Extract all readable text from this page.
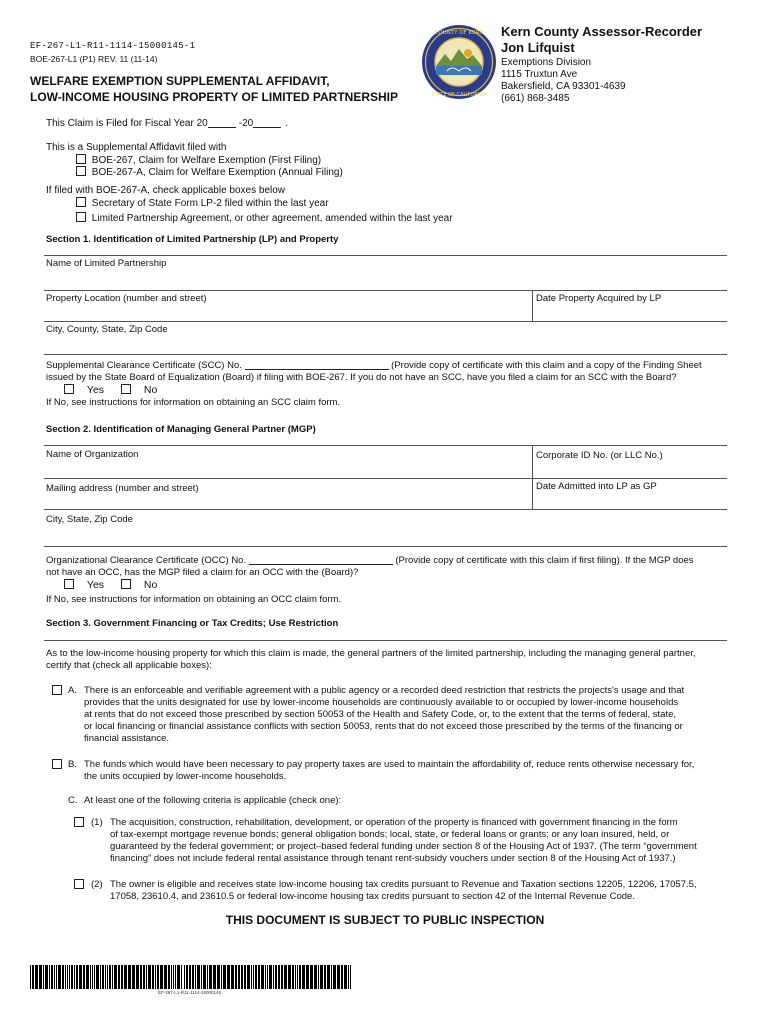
EF-267-L1-R11-1114-15000145-1
BOE-267-L1 (P1) REV. 11 (11-14)
WELFARE EXEMPTION SUPPLEMENTAL AFFIDAVIT,
LOW-INCOME HOUSING PROPERTY OF LIMITED PARTNERSHIP
COUNTY OF KERN
STATE OF CALIFORNIA
Kern County Assessor-Recorder
Jon Lifquist
Exemptions Division
1115 Truxtun Ave
Bakersfield, CA 93301-4639
(661) 868-3485
This Claim is Filed for Fiscal Year 20	-20	.
This is a Supplemental Affidavit filed with
BOE-267, Claim for Welfare Exemption (First Filing)
BOE-267-A, Claim for Welfare Exemption (Annual Filing)
If filed with BOE-267-A, check applicable boxes below
Secretary of State Form LP-2 filed within the last year
Limited Partnership Agreement, or other agreement, amended within the last year
Section 1. Identification of Limited Partnership (LP) and Property
Name of Limited Partnership
Property Location (number and street)	Date Property Acquired by LP
City, County, State, Zip Code
Supplemental Clearance Certificate (SCC) No.	(Provide copy of certificate with this claim and a copy of the Finding Sheet
issued by the State Board of Equalization (Board) if filing with BOE-267. If you do not have an SCC, have you filed a claim for an SCC with the Board?
Yes	No
If No, see instructions for information on obtaining an SCC claim form.
Section 2. Identification of Managing General Partner (MGP)
Name of Organization	Corporate ID No. (or LLC No.)
Mailing address (number and street)	Date Admitted into LP as GP
City, State, Zip Code
Organizational Clearance Certificate (OCC) No.	(Provide copy of certificate with this claim if first filing). If the MGP does
not have an OCC, has the MGP filed a claim for an OCC with the (Board)?
Yes	No
If No, see instructions for information on obtaining an OCC claim form.
Section 3. Government Financing or Tax Credits; Use Restriction
As to the low-income housing property for which this claim is made, the general partners of the limited partnership, including the managing general partner,
certify that (check all applicable boxes):
A. There is an enforceable and verifiable agreement with a public agency or a recorded deed restriction that restricts the projects's usage and that
provides that the units designated for use by lower-income households are continuously available to or occupied by lower-income households
at rents that do not exceed those prescribed by section 50053 of the Health and Safety Code, or, to the extent that the terms of federal, state,
or local financing or financial assistance conflicts with section 50053, rents that do not exceed those prescribed by the terms of the financing or
financial assistance.
B. The funds which would have been necessary to pay property taxes are used to maintain the affordability of, reduce rents otherwise necessary for,
the units occupied by lower-income households.
C. At least one of the following criteria is applicable (check one):
(1) The acquisition, construction, rehabilitation, development, or operation of the property is financed with government financing in the form
of tax-exempt mortgage revenue bonds; general obligation bonds; local, state, or federal loans or grants; or any loan insured, held, or
guaranteed by the federal government; or project–based federal funding under section 8 of the Housing Act of 1937. (The term “government
financing” does not include federal rental assistance through tenant rent-subsidy vouchers under section 8 of the Housing Act of 1937.)
(2) The owner is eligible and receives state low-income housing tax credits pursuant to Revenue and Taxation sections 12205, 12206, 17057.5,
17058, 23610.4, and 23610.5 or federal low-income housing tax credits pursuant to section 42 of the Internal Revenue Code.
THIS DOCUMENT IS SUBJECT TO PUBLIC INSPECTION
EF-267-L1-R11-1114-15000145
